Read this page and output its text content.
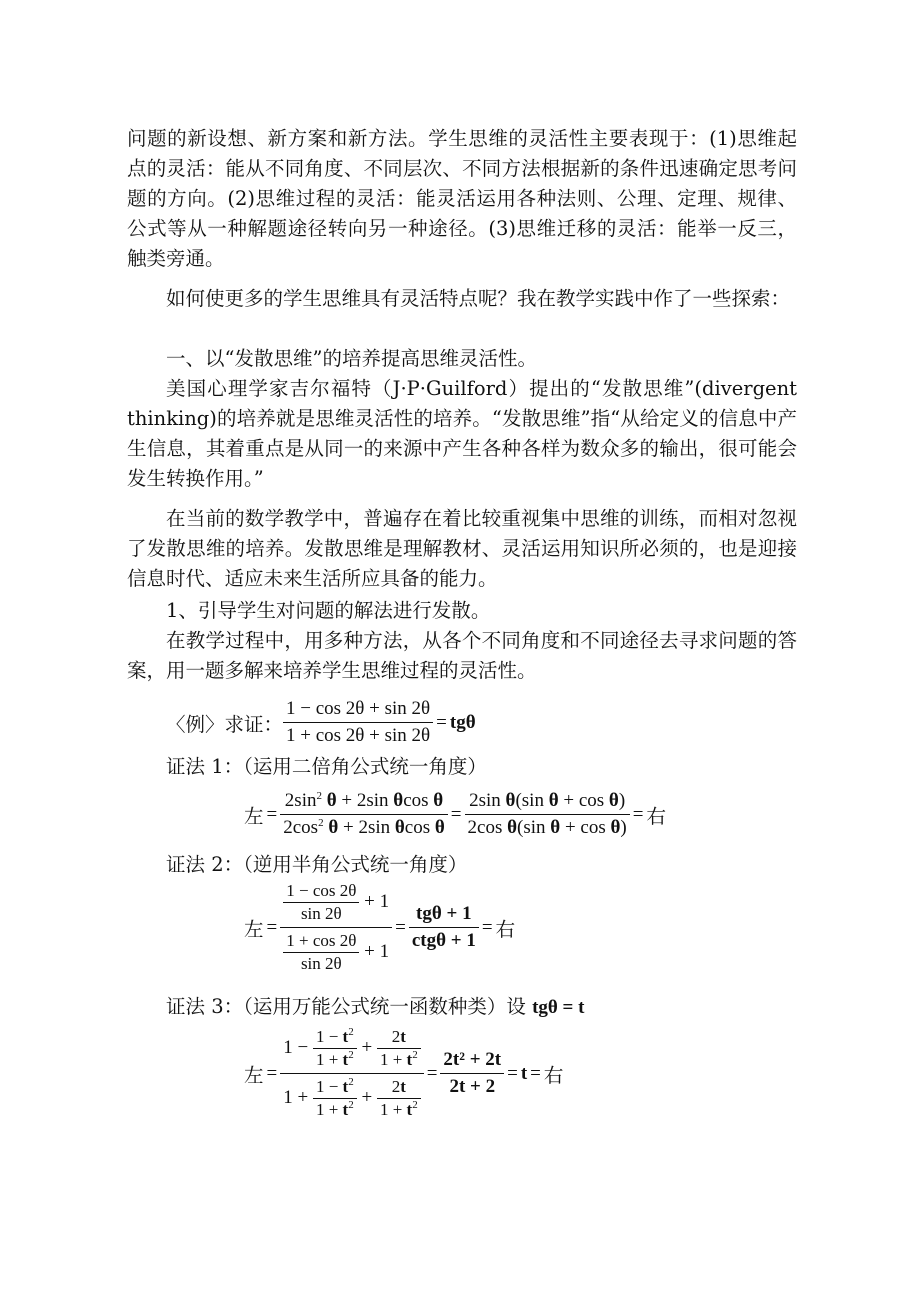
问题的新设想、新方案和新方法。学生思维的灵活性主要表现于：(1)思维起点的灵活：能从不同角度、不同层次、不同方法根据新的条件迅速确定思考问题的方向。(2)思维过程的灵活：能灵活运用各种法则、公理、定理、规律、公式等从一种解题途径转向另一种途径。(3)思维迁移的灵活：能举一反三，触类旁通。

如何使更多的学生思维具有灵活特点呢？我在教学实践中作了一些探索：

一、以“发散思维”的培养提高思维灵活性。

美国心理学家吉尔福特（J·P·Guilford）提出的“发散思维”(divergent thinking)的培养就是思维灵活性的培养。“发散思维”指“从给定义的信息中产生信息，其着重点是从同一的来源中产生各种各样为数众多的输出，很可能会发生转换作用。”

在当前的数学教学中，普遍存在着比较重视集中思维的训练，而相对忽视了发散思维的培养。发散思维是理解教材、灵活运用知识所必须的，也是迎接信息时代、适应未来生活所应具备的能力。

1、引导学生对问题的解法进行发散。

在教学过程中，用多种方法，从各个不同角度和不同途径去寻求问题的答案，用一题多解来培养学生思维过程的灵活性。

〈例〉求证： $\frac{1 - \cos 2\theta + \sin 2\theta}{1 + \cos 2\theta + \sin 2\theta} = tg\theta$
证法 1：（运用二倍角公式统一角度）
左 = $\frac{2\sin^2 \theta + 2\sin \theta\cos \theta}{2\cos^2 \theta + 2\sin \theta\cos \theta} = \frac{\text{2sin θ(sin θ + cos θ)}}{\text{2cos θ(sin θ + cos θ)}}$ = 右
证法 2：（逆用半角公式统一角度）
左 = $\frac{\frac{1 - \cos 2\theta}{\sin 2\theta} + 1}{\frac{1 + \cos 2\theta}{\sin 2\theta} + 1} = \frac{\text{tgθ + 1}}{\text{ctgθ + 1}}$ = 右
证法 3：（运用万能公式统一函数种类）设 tgθ = t
左 = $\frac{1 - \frac{1 - t^2}{1 + t^2} + \frac{2t}{1 + t^2}}{1 + \frac{1 - t^2}{1 + t^2} + \frac{2t}{1 + t^2}} = \frac{\text{2t² + 2t}}{2t + 2} = t$ = 右
